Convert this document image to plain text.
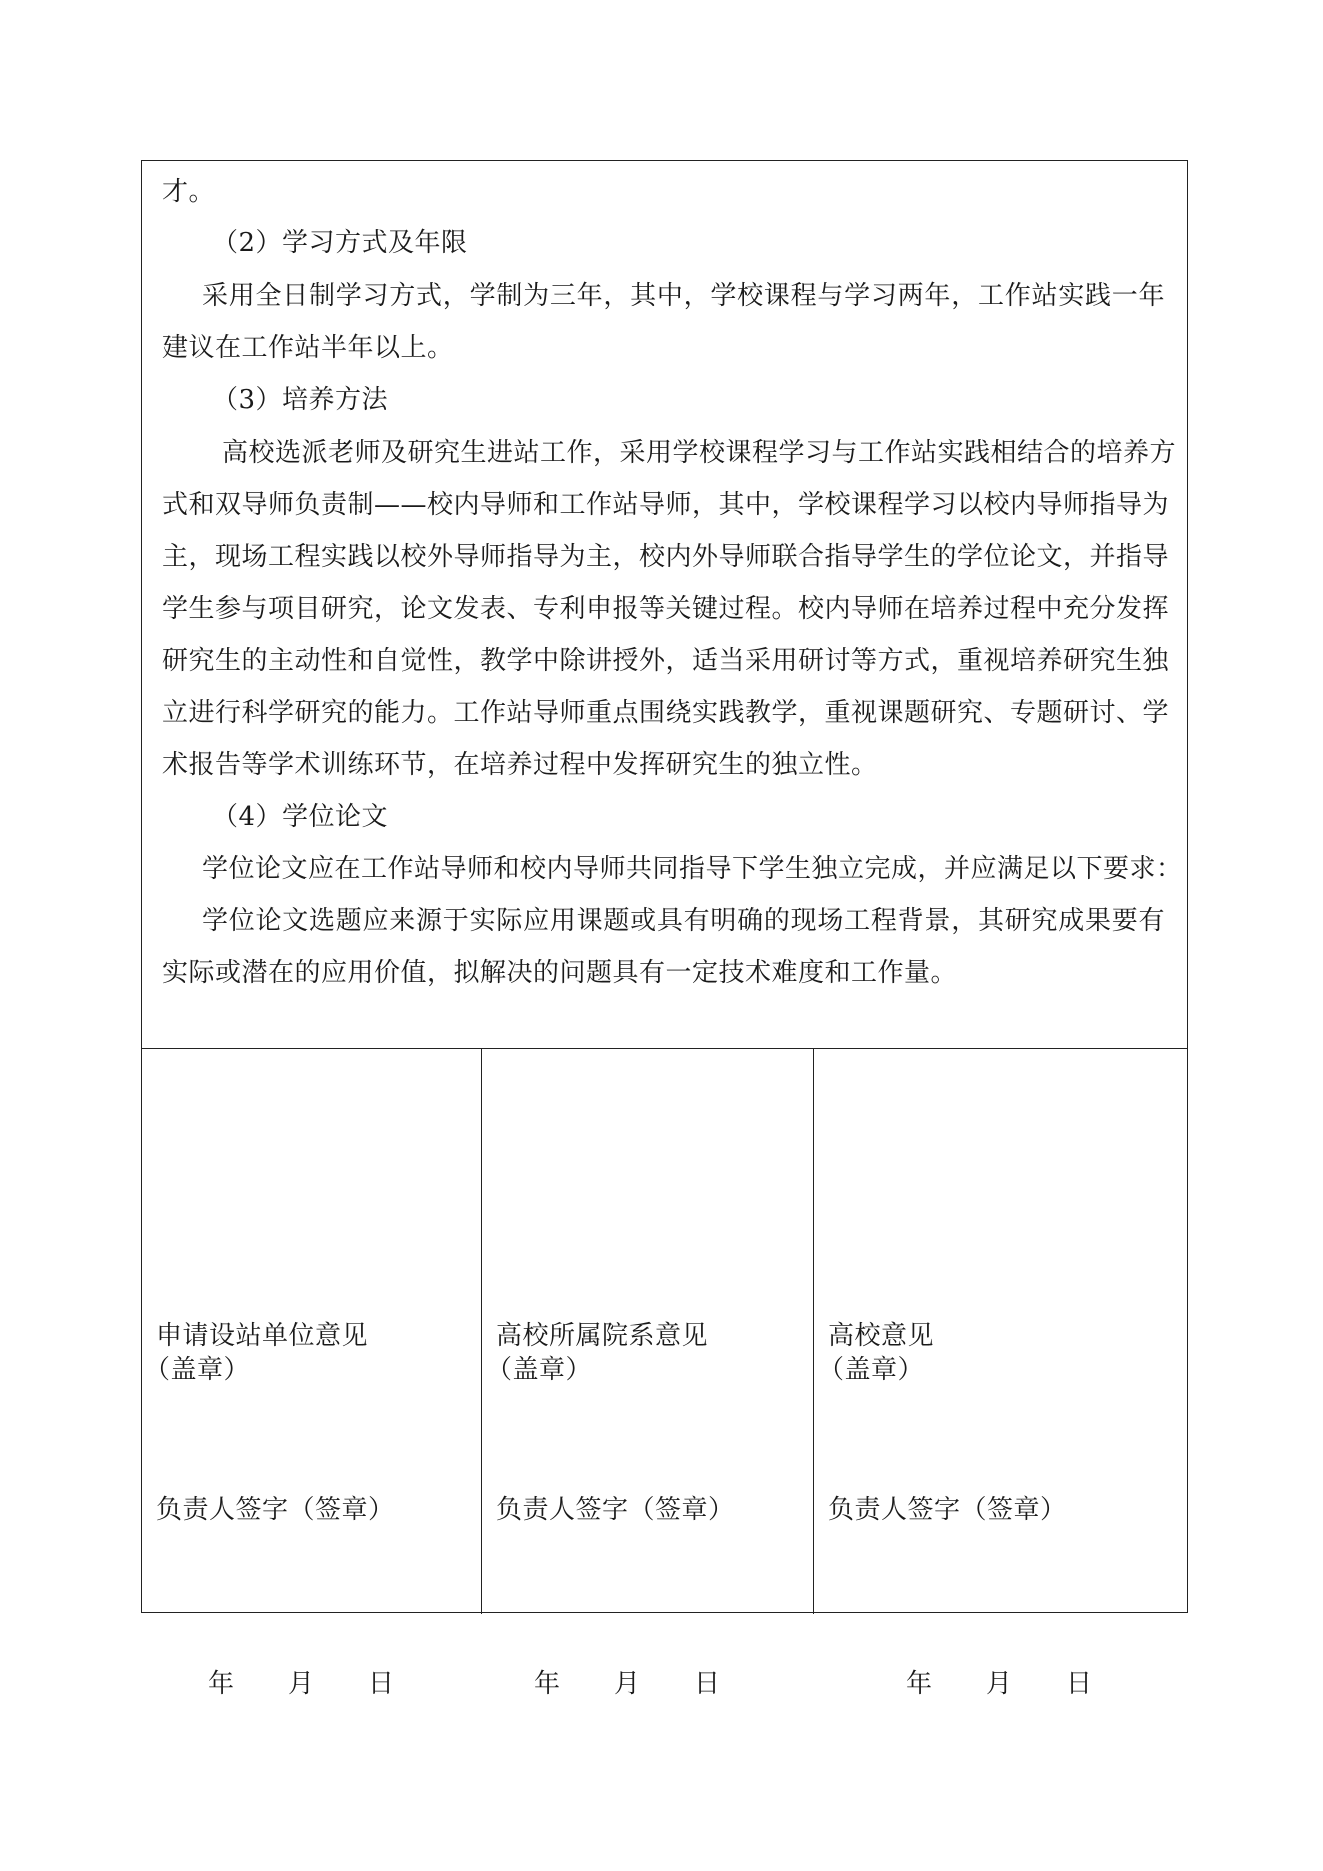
才。
（2）学习方式及年限
采用全日制学习方式，学制为三年，其中，学校课程与学习两年，工作站实践一年
建议在工作站半年以上。
（3）培养方法
高校选派老师及研究生进站工作，采用学校课程学习与工作站实践相结合的培养方
式和双导师负责制——校内导师和工作站导师，其中，学校课程学习以校内导师指导为
主，现场工程实践以校外导师指导为主，校内外导师联合指导学生的学位论文，并指导
学生参与项目研究，论文发表、专利申报等关键过程。校内导师在培养过程中充分发挥
研究生的主动性和自觉性，教学中除讲授外，适当采用研讨等方式，重视培养研究生独
立进行科学研究的能力。工作站导师重点围绕实践教学，重视课题研究、专题研讨、学
术报告等学术训练环节，在培养过程中发挥研究生的独立性。
（4）学位论文
学位论文应在工作站导师和校内导师共同指导下学生独立完成，并应满足以下要求：
学位论文选题应来源于实际应用课题或具有明确的现场工程背景，其研究成果要有
实际或潜在的应用价值，拟解决的问题具有一定技术难度和工作量。
申请设站单位意见
（盖章）
负责人签字（签章）
年 月 日
高校所属院系意见
（盖章）
负责人签字（签章）
年 月 日
高校意见
（盖章）
负责人签字（签章）
年 月 日
